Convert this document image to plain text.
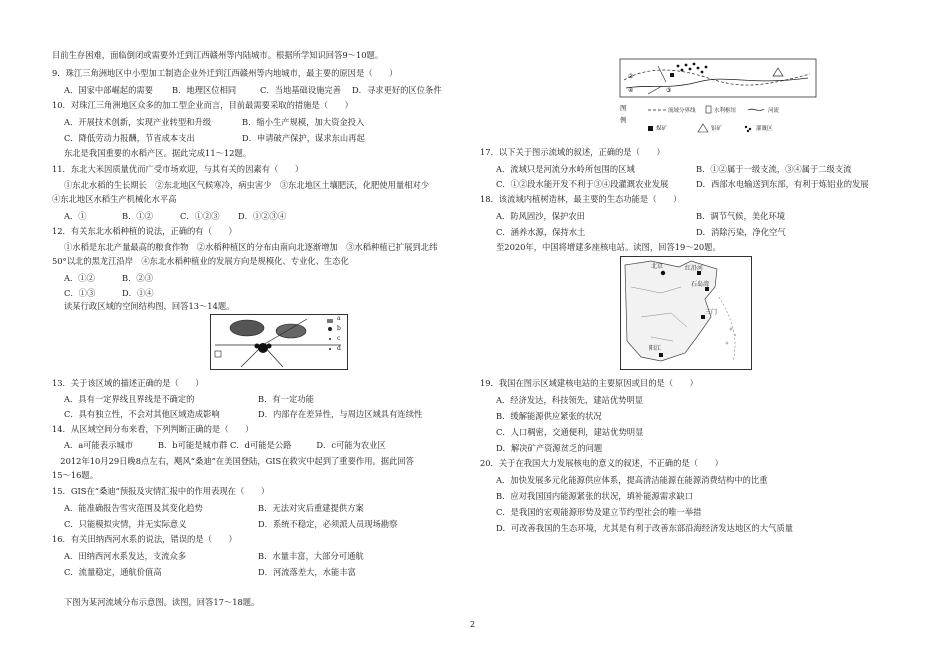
目前生存困难，面临倒闭或需要外迁到江西赣州等内陆城市。根据所学知识回答9～10题。
9．珠江三角洲地区中小型加工制造企业外迁到江西赣州等内地城市，最主要的原因是（　　）
A．国家中部崛起的需要 B．地理区位相同	C．当地基础设施完善 D．寻求更好的区位条件
10．对珠江三角洲地区众多的加工型企业而言，目前最需要采取的措施是（　　）
A．开展技术创新，实现产业转型和升级	B．缩小生产规模，加大资金投入
C．降低劳动力报酬，节省成本支出	D．申请破产保护，谋求东山再起
东北是我国重要的水稻产区。据此完成11～12题。
11．东北大米因质量优而广受市场欢迎，与其有关的因素有（　　）
①东北水稻的生长期长　②东北地区气候寒冷，病虫害少　③东北地区土壤肥沃，化肥使用量相对少
④东北地区水稻生产机械化水平高
A．①	B．①②	C．①②③ D．①②③④
12．有关东北水稻种植的说法，正确的有（　　）
①水稻是东北产量最高的粮食作物　②水稻种植区的分布由南向北逐渐增加　③水稻种植已扩展到北纬
50°以北的黑龙江沿岸　④东北水稻种植业的发展方向是规模化、专业化、生态化
A．①②	B．②③
C．①③	D．①④
读某行政区域的空间结构图，回答13～14题。
a
b
c
d
13．关于该区域的描述正确的是（　　）
A．具有一定界线且界线是不确定的	B．有一定功能
C．具有独立性，不会对其他区域造成影响	D．内部存在差异性，与周边区域具有连续性
14．从区域空间分布来看，下列判断正确的是（　　）
A．a可能表示城市　　　B．b可能是城市群 C．d可能是公路　　　D．c可能为农业区
　2012年10月29日晚8点左右，飓风“桑迪”在美国登陆，GIS在救灾中起到了重要作用。据此回答
15～16题。
15．GIS在“桑迪”预报及灾情汇报中的作用表现在（　　）
A．能准确报告雪灾范围及其变化趋势	B．无法对灾后重建提供方案
C．只能模拟灾情，并无实际意义	D．系统不稳定，必须派人员现场勘察
16．有关田纳西河水系的说法，错误的是（　　）
A．田纳西河水系发达，支流众多	B．水量丰富，大部分可通航
C．流量稳定，通航价值高	D．河流落差大，水能丰富
下图为某河流域分布示意图。读图，回答17～18题。
②
④	③
图例
流域分界线	水利枢纽	河流
煤矿	铝矿	灌溉区
17．以下关于图示流域的叙述，正确的是（　　）
A．流域只是河流分水岭所包围的区域	B．①②属于一级支流，③④属于二级支流
C．①②段水能开发不利于③④段灌溉农业发展	D．西部水电输送到东部，有利于炼铝业的发展
18．该流域内植树造林，最主要的生态功能是（　　）
A．防风固沙，保护农田	B．调节气候，美化环境
C．涵养水源，保持水土	D．消除污染，净化空气
至2020年，中国将增建多座核电站。读图，回答19～20题。
北京	红沿河
石岛湾
三门
阳江
19．我国在图示区域建核电站的主要原因或目的是（　　）
A．经济发达，科技领先，建站优势明显
B．缓解能源供应紧张的状况
C．人口稠密，交通便利，建站优势明显
D．解决矿产资源贫乏的问题
20．关于在我国大力发展核电的意义的叙述，不正确的是（　　）
A．加快发展多元化能源供应体系，提高清洁能源在能源消费结构中的比重
B．应对我国国内能源紧张的状况，填补能源需求缺口
C．是我国的宏观能源形势及建立节约型社会的唯一举措
D．可改善我国的生态环境，尤其是有利于改善东部沿海经济发达地区的大气质量
2
